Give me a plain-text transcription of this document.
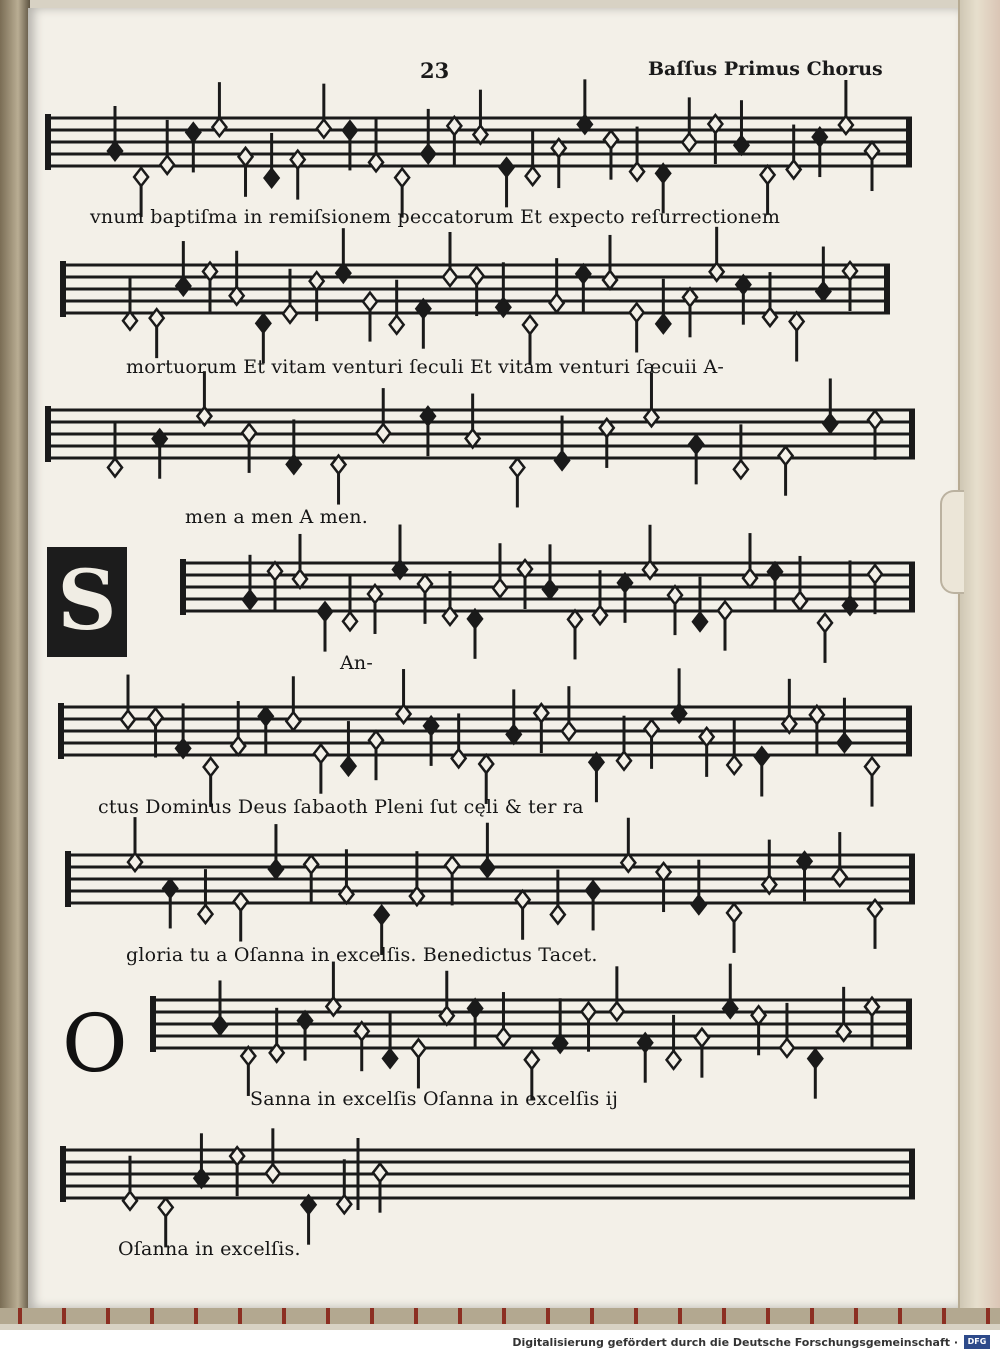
23	Baſſus Primus Chorus
S
O
vnum baptiſma in remiſsionem peccatorum Et expecto reſurrectionem
mortuorum Et vitam venturi ſeculi Et vitam venturi ſæcuii A-
men a men A men.
An-
ctus Dominus Deus ſabaoth Pleni ſut cęli & ter ra
gloria tu a Oſanna in excelſis. Benedictus Tacet.
Sanna in excelſis Oſanna in excelſis ij
Oſanna in excelſis.
Digitalisierung gefördert durch die Deutsche Forschungsgemeinschaft ·	DFG
